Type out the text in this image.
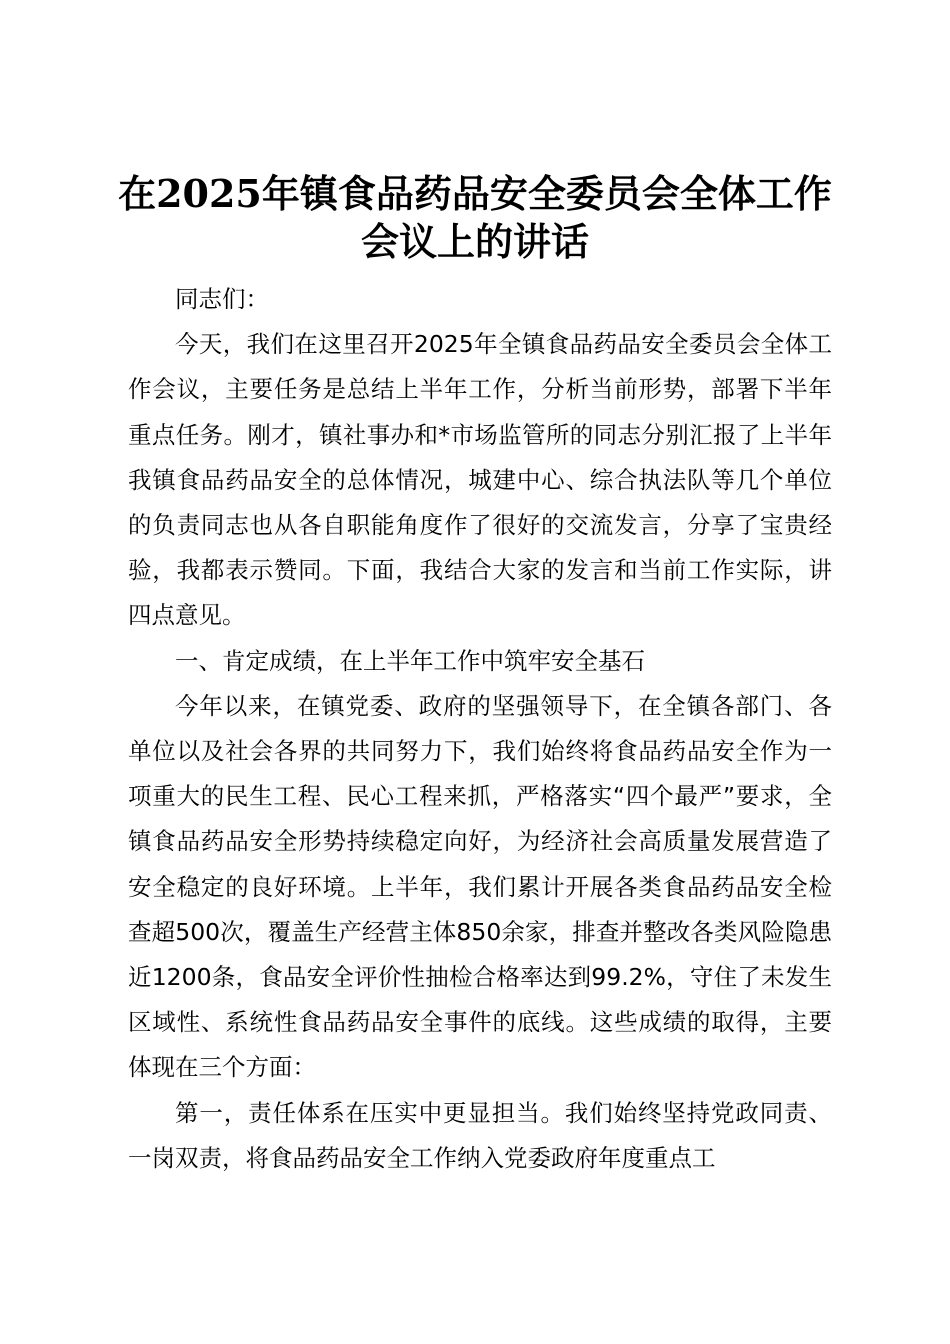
在2025年镇食品药品安全委员会全体工作会议上的讲话

同志们：

今天，我们在这里召开2025年全镇食品药品安全委员会全体工作会议，主要任务是总结上半年工作，分析当前形势，部署下半年重点任务。刚才，镇社事办和*市场监管所的同志分别汇报了上半年我镇食品药品安全的总体情况，城建中心、综合执法队等几个单位的负责同志也从各自职能角度作了很好的交流发言，分享了宝贵经验，我都表示赞同。下面，我结合大家的发言和当前工作实际，讲四点意见。

一、肯定成绩，在上半年工作中筑牢安全基石

今年以来，在镇党委、政府的坚强领导下，在全镇各部门、各单位以及社会各界的共同努力下，我们始终将食品药品安全作为一项重大的民生工程、民心工程来抓，严格落实“四个最严”要求，全镇食品药品安全形势持续稳定向好，为经济社会高质量发展营造了安全稳定的良好环境。上半年，我们累计开展各类食品药品安全检查超500次，覆盖生产经营主体850余家，排查并整改各类风险隐患近1200条，食品安全评价性抽检合格率达到99.2%，守住了未发生区域性、系统性食品药品安全事件的底线。这些成绩的取得，主要体现在三个方面：

第一，责任体系在压实中更显担当。我们始终坚持党政同责、一岗双责，将食品药品安全工作纳入党委政府年度重点工
